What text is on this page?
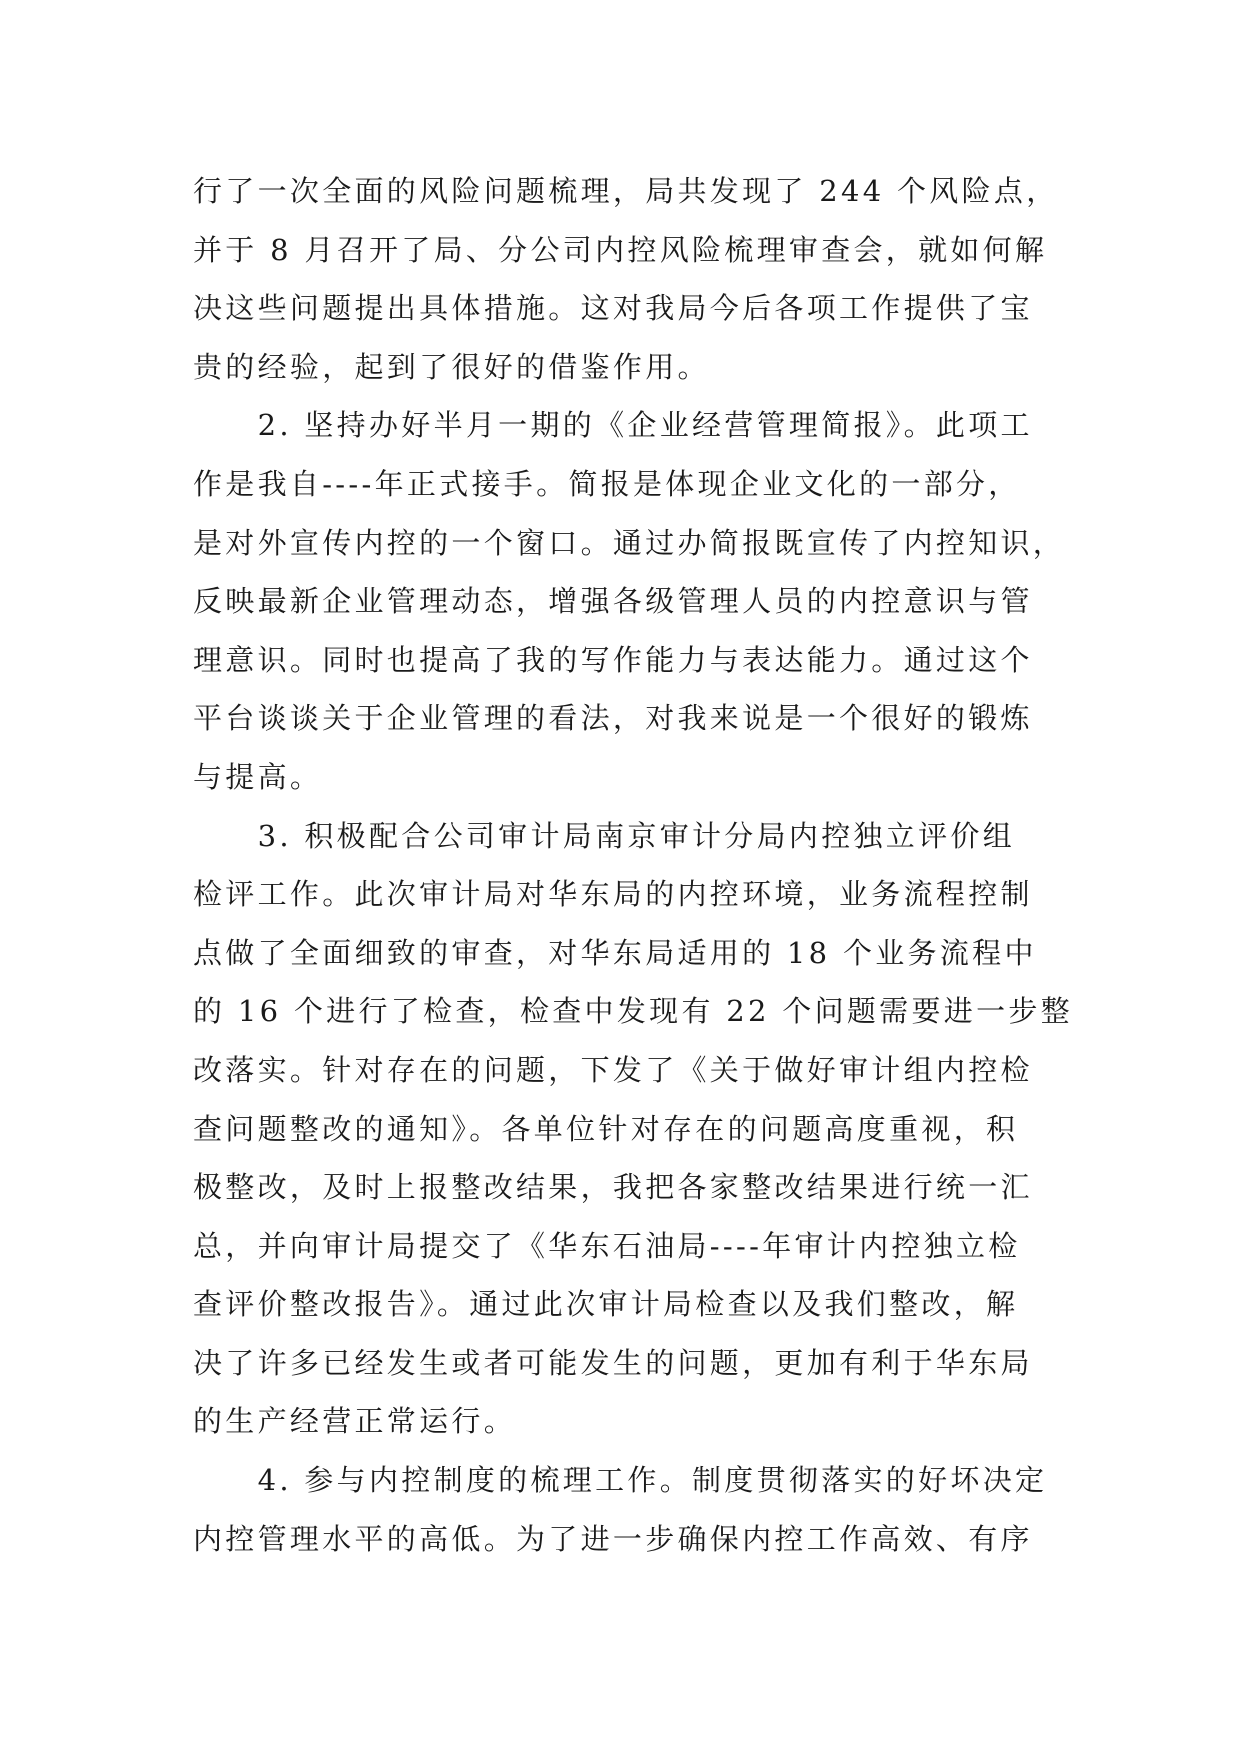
行了一次全面的风险问题梳理，局共发现了 244 个风险点，
并于 8 月召开了局、分公司内控风险梳理审查会，就如何解
决这些问题提出具体措施。这对我局今后各项工作提供了宝
贵的经验，起到了很好的借鉴作用。
　　2. 坚持办好半月一期的《企业经营管理简报》。此项工
作是我自----年正式接手。简报是体现企业文化的一部分，
是对外宣传内控的一个窗口。通过办简报既宣传了内控知识，
反映最新企业管理动态，增强各级管理人员的内控意识与管
理意识。同时也提高了我的写作能力与表达能力。通过这个
平台谈谈关于企业管理的看法，对我来说是一个很好的锻炼
与提高。
　　3. 积极配合公司审计局南京审计分局内控独立评价组
检评工作。此次审计局对华东局的内控环境，业务流程控制
点做了全面细致的审查，对华东局适用的 18 个业务流程中
的 16 个进行了检查，检查中发现有 22 个问题需要进一步整
改落实。针对存在的问题，下发了《关于做好审计组内控检
查问题整改的通知》。各单位针对存在的问题高度重视，积
极整改，及时上报整改结果，我把各家整改结果进行统一汇
总，并向审计局提交了《华东石油局----年审计内控独立检
查评价整改报告》。通过此次审计局检查以及我们整改，解
决了许多已经发生或者可能发生的问题，更加有利于华东局
的生产经营正常运行。
　　4. 参与内控制度的梳理工作。制度贯彻落实的好坏决定
内控管理水平的高低。为了进一步确保内控工作高效、有序
